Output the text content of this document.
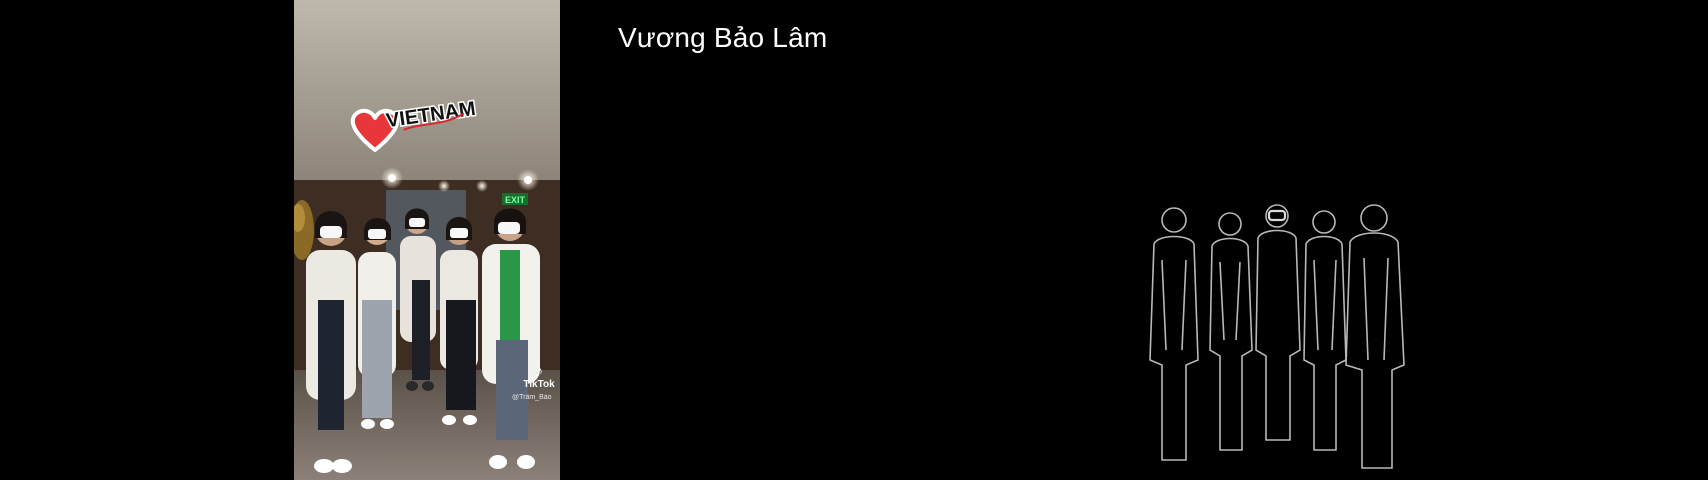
Vương Bảo Lâm
EXIT
VIETNAM
♪
TikTok
@Trầm_Bảo
